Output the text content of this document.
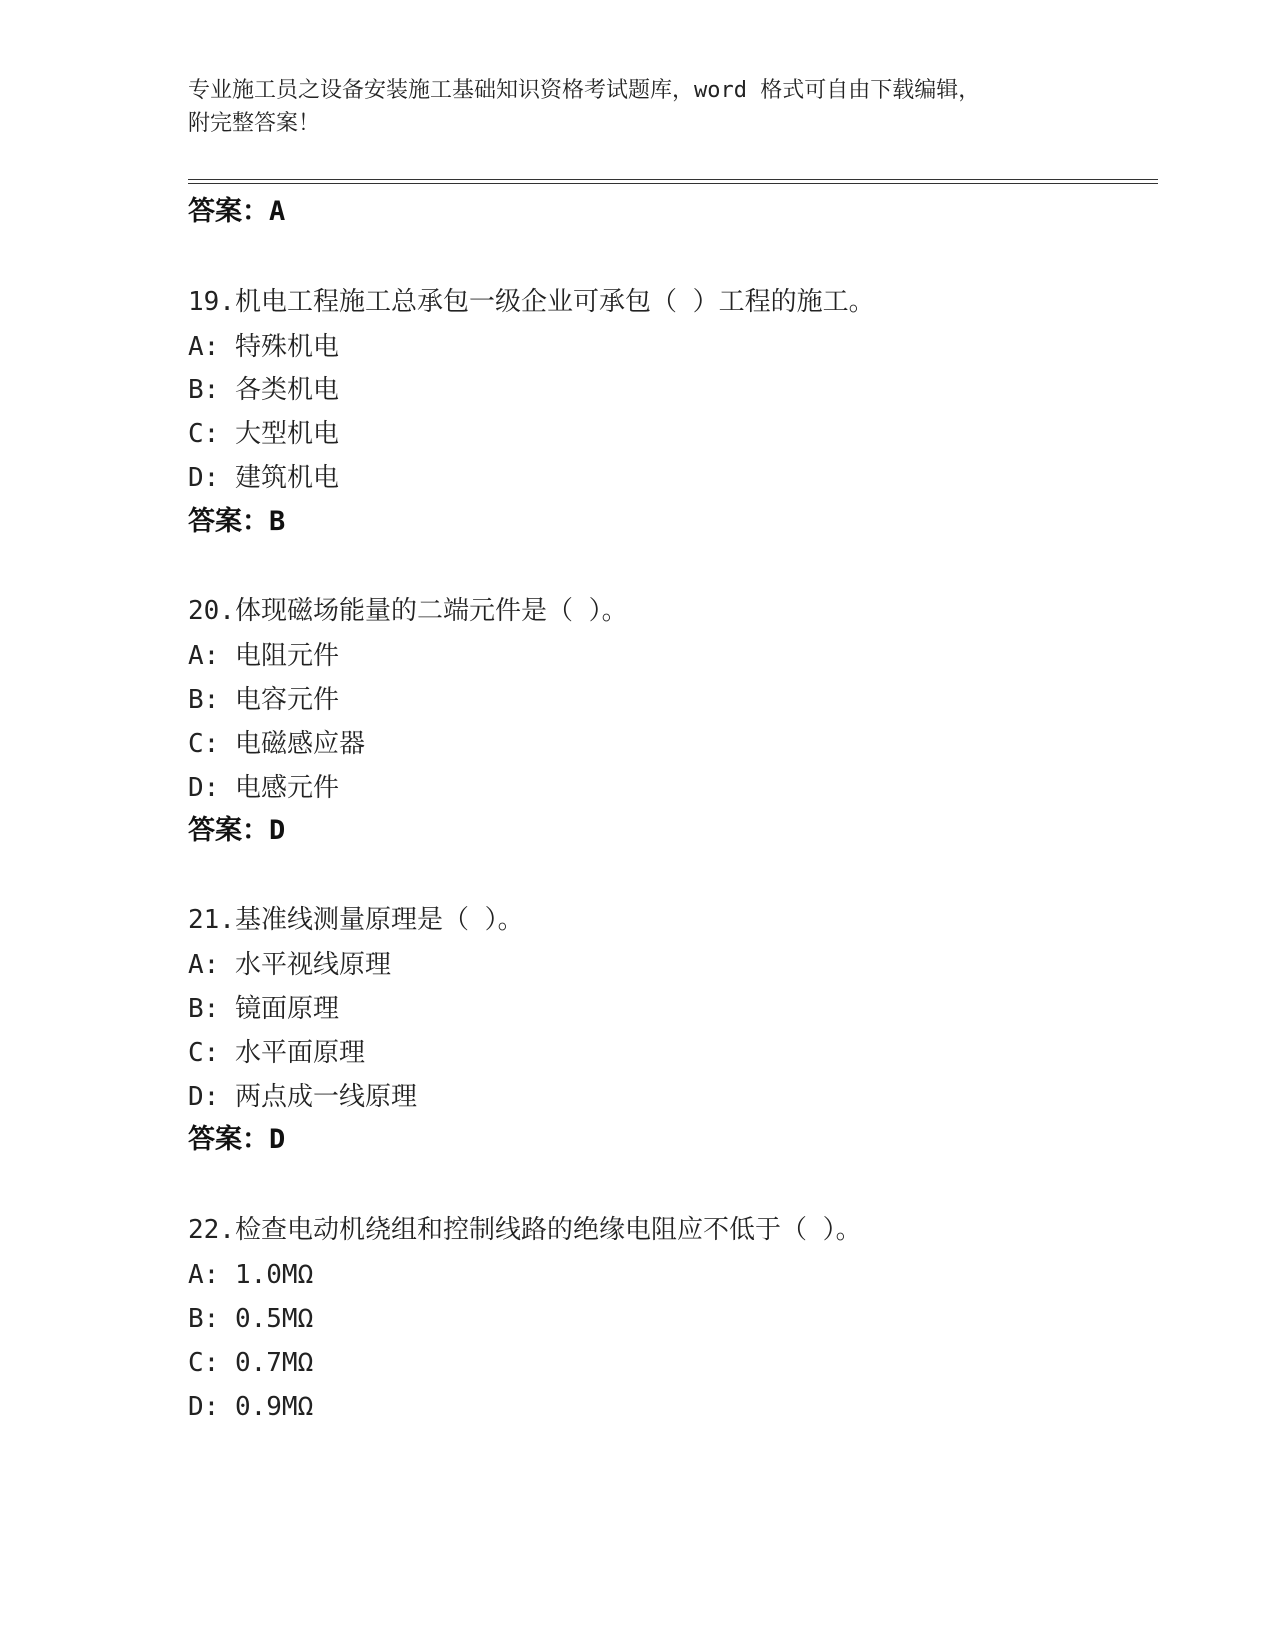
专业施工员之设备安装施工基础知识资格考试题库，word 格式可自由下载编辑，
附完整答案！
答案：A
19.机电工程施工总承包一级企业可承包（ ）工程的施工。
A: 特殊机电
B: 各类机电
C: 大型机电
D: 建筑机电
答案：B
20.体现磁场能量的二端元件是（ ）。
A: 电阻元件
B: 电容元件
C: 电磁感应器
D: 电感元件
答案：D
21.基准线测量原理是（ ）。
A: 水平视线原理
B: 镜面原理
C: 水平面原理
D: 两点成一线原理
答案：D
22.检查电动机绕组和控制线路的绝缘电阻应不低于（ ）。
A: 1.0MΩ
B: 0.5MΩ
C: 0.7MΩ
D: 0.9MΩ
